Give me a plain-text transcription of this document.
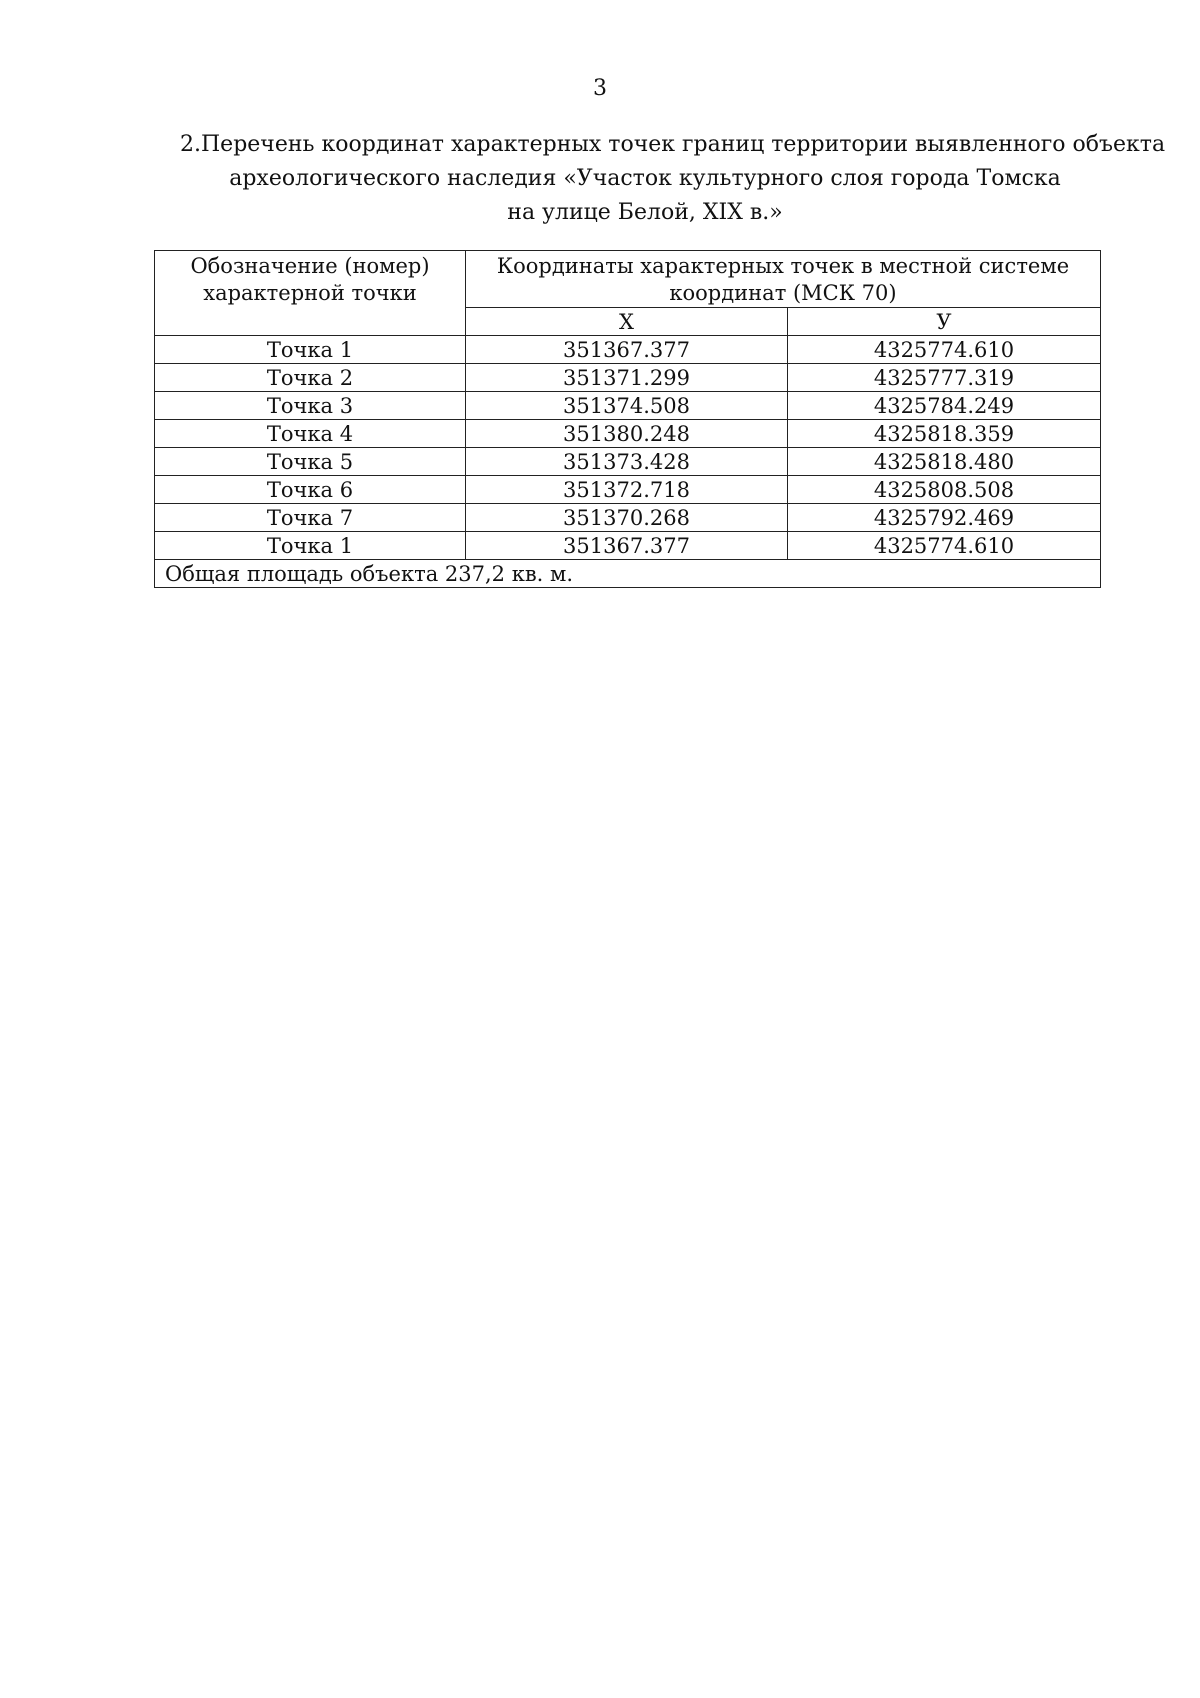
3
2.Перечень координат характерных точек границ территории выявленного объекта
археологического наследия «Участок культурного слоя города Томска
на улице Белой, XIX в.»
Обозначение (номер) характерной точки	Координаты характерных точек в местной системе координат (МСК 70)	
	X	У
Точка 1	351367.377	4325774.610
Точка 2	351371.299	4325777.319
Точка 3	351374.508	4325784.249
Точка 4	351380.248	4325818.359
Точка 5	351373.428	4325818.480
Точка 6	351372.718	4325808.508
Точка 7	351370.268	4325792.469
Точка 1	351367.377	4325774.610
Общая площадь объекта 237,2 кв. м.		
